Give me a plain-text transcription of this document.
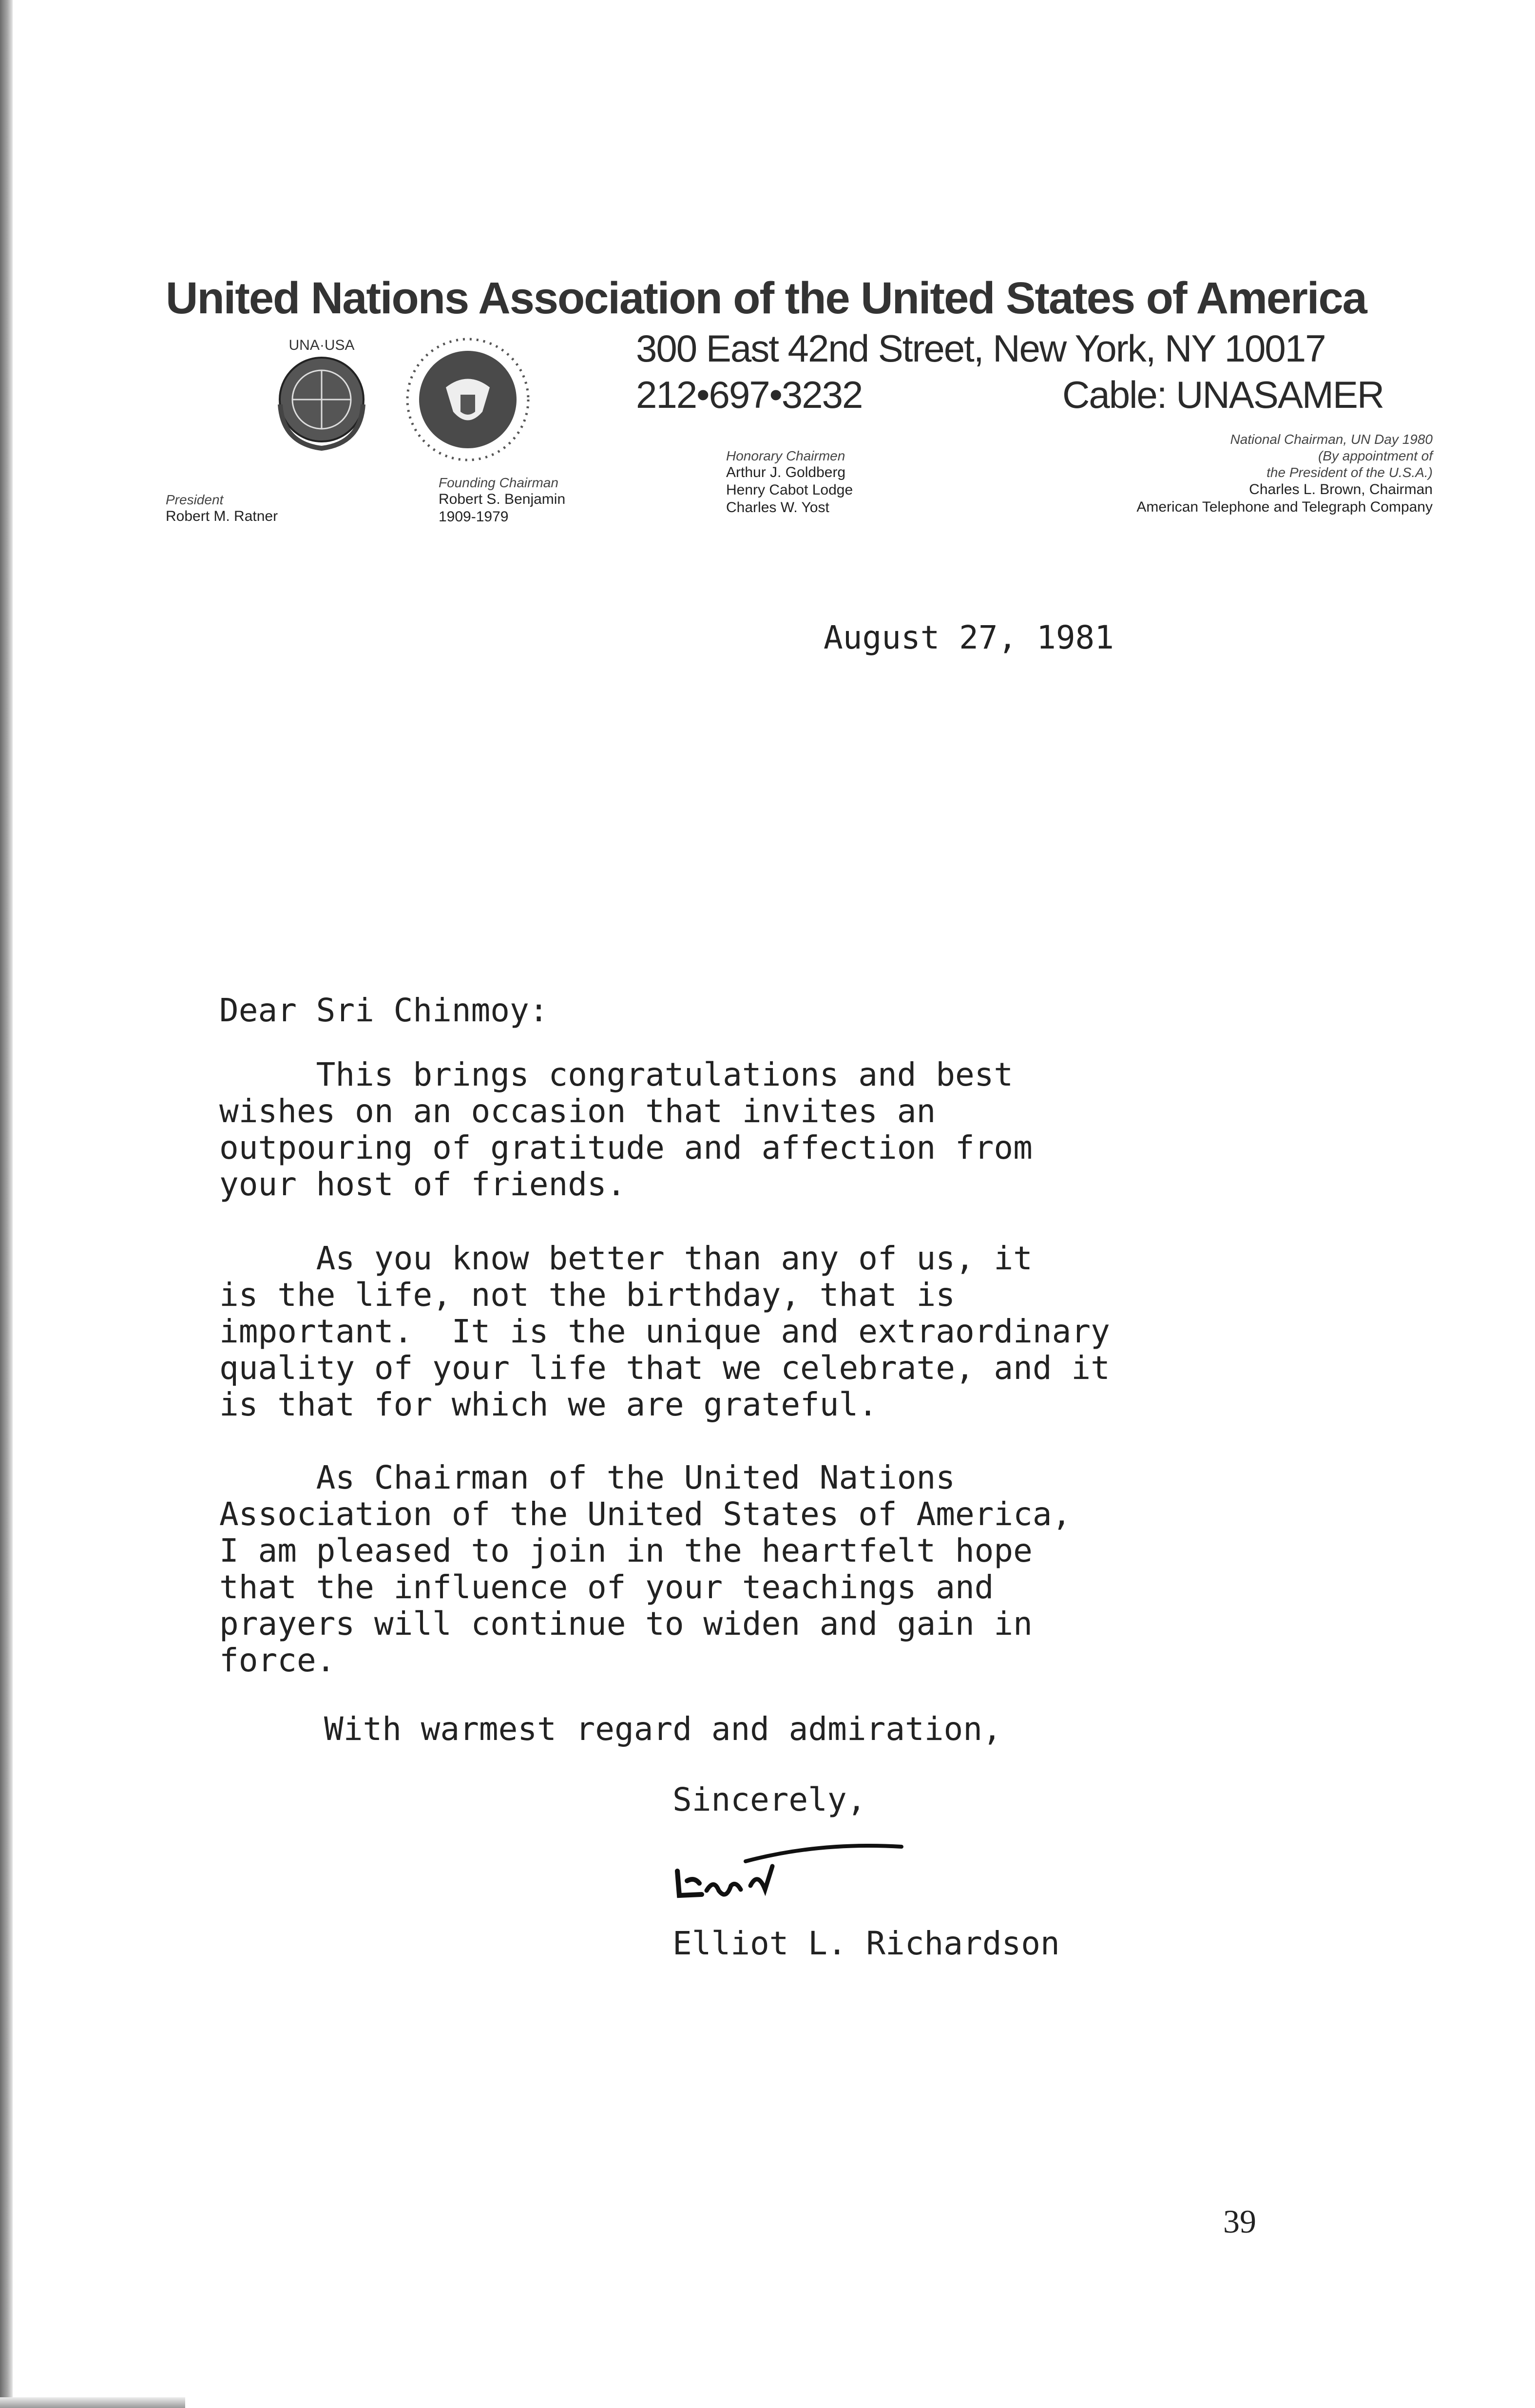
United Nations Association of the United States of America
300 East 42nd Street, New York, NY 10017
212•697•3232	Cable: UNASAMER
UNA·USA
President
Robert M. Ratner
Founding Chairman
Robert S. Benjamin
1909-1979
Honorary Chairmen
Arthur J. Goldberg
Henry Cabot Lodge
Charles W. Yost
National Chairman, UN Day 1980
(By appointment of
the President of the U.S.A.)
Charles L. Brown, Chairman
American Telephone and Telegraph Company
August 27, 1981
Dear Sri Chinmoy:
This brings congratulations and best
wishes on an occasion that invites an
outpouring of gratitude and affection from
your host of friends.
As you know better than any of us, it
is the life, not the birthday, that is
important.  It is the unique and extraordinary
quality of your life that we celebrate, and it
is that for which we are grateful.
As Chairman of the United Nations
Association of the United States of America,
I am pleased to join in the heartfelt hope
that the influence of your teachings and
prayers will continue to widen and gain in
force.
With warmest regard and admiration,
Sincerely,
Elliot L. Richardson
39
